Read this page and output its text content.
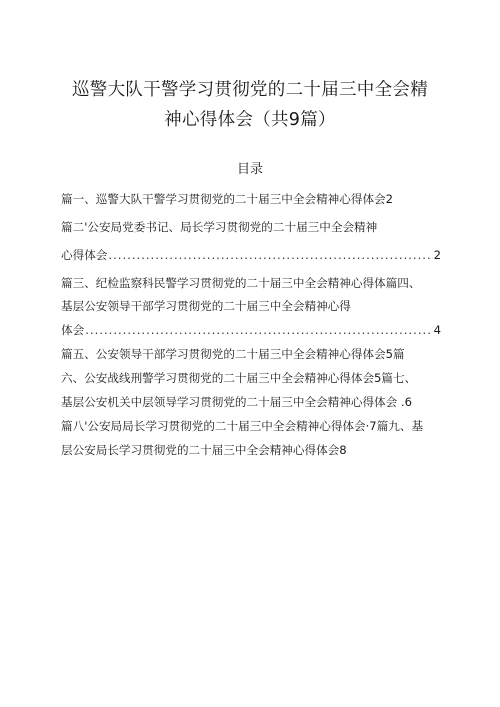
巡警大队干警学习贯彻党的二十届三中全会精
神心得体会（共9篇）
目录
篇一、巡警大队干警学习贯彻党的二十届三中全会精神心得体会2
篇二'公安局党委书记、局长学习贯彻党的二十届三中全会精神
心得体会 .....	2
篇三、纪检监察科民警学习贯彻党的二十届三中全会精神心得体篇四、
基层公安领导干部学习贯彻党的二十届三中全会精神心得
体会 .....	4
篇五、公安领导干部学习贯彻党的二十届三中全会精神心得体会5篇
六、公安战线刑警学习贯彻党的二十届三中全会精神心得体会5篇七、
基层公安机关中层领导学习贯彻党的二十届三中全会精神心得体会 .6
篇八'公安局局长学习贯彻党的二十届三中全会精神心得体会·7篇九、基
层公安局长学习贯彻党的二十届三中全会精神心得体会8
